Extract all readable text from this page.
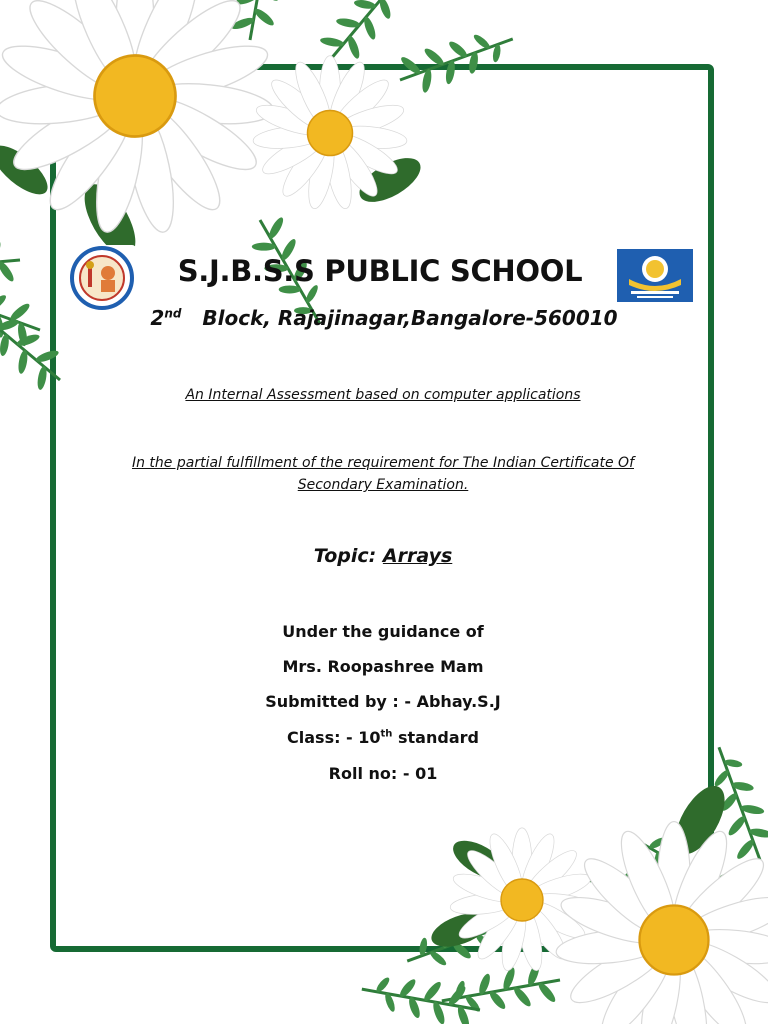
S.J.B.S.S PUBLIC SCHOOL
2nd Block, Rajajinagar,Bangalore-560010
An Internal Assessment based on computer applications
In the partial fulfillment of the requirement for The Indian Certificate Of Secondary Examination.
Topic: Arrays
Under the guidance of
Mrs. Roopashree Mam
Submitted by : - Abhay.S.J
Class: - 10th standard
Roll no: - 01
